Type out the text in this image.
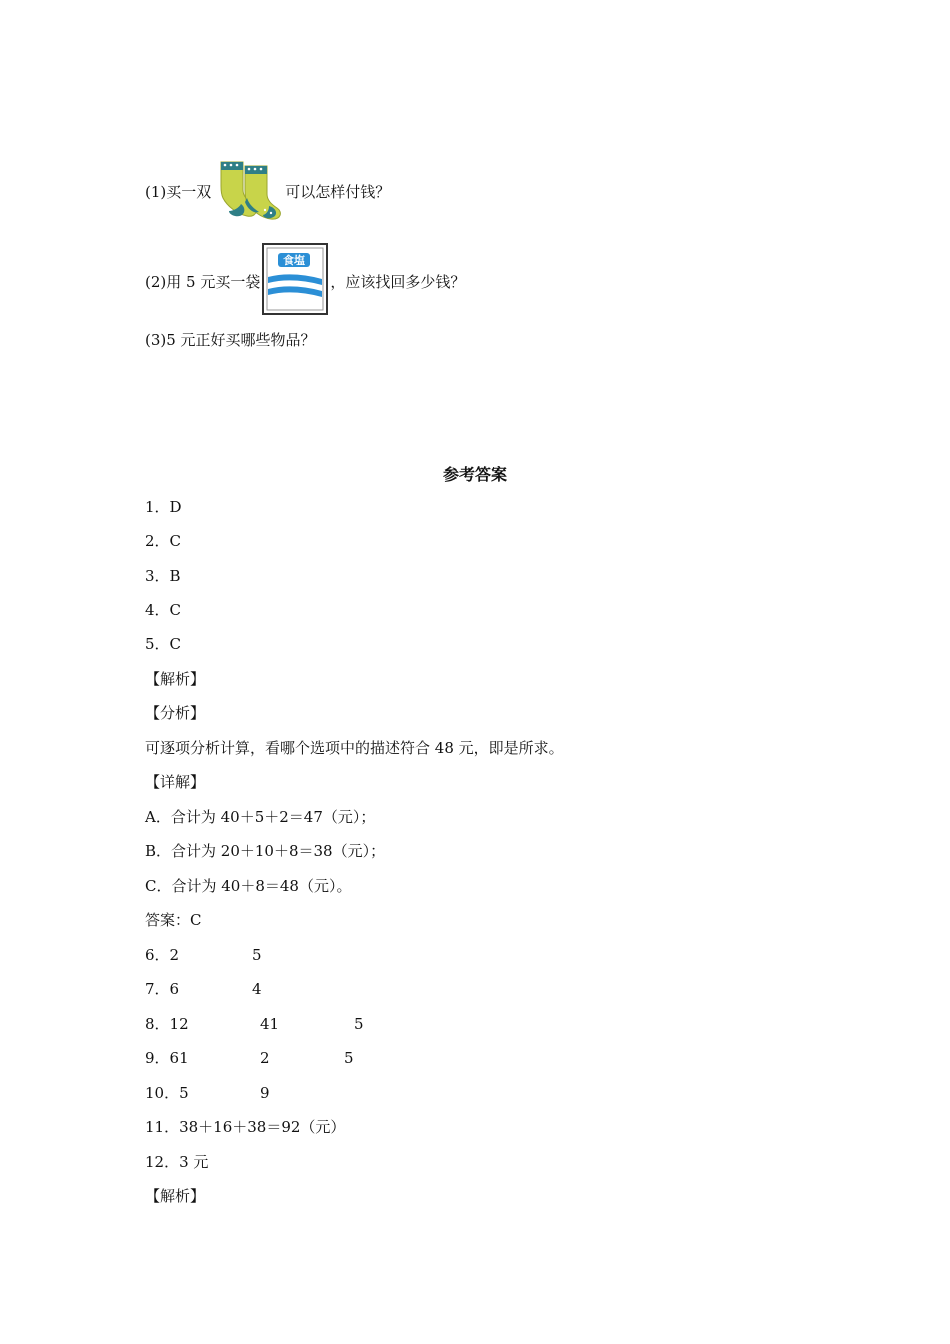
(1)买一双	可以怎样付钱？
(2)用 5 元买一袋
食塩
，应该找回多少钱？
(3)5 元正好买哪些物品？
参考答案
1．D
2．C
3．B
4．C
5．C
【解析】
【分析】
可逐项分析计算，看哪个选项中的描述符合 48 元，即是所求。
【详解】
A．合计为 40＋5＋2＝47（元）；
B．合计为 20＋10＋8＝38（元）；
C．合计为 40＋8＝48（元）。
答案：C
6．2	5
7．6	4
8．12	41	5
9．61	2	5
10．5	9
11．38＋16＋38＝92（元）
12．3 元
【解析】
